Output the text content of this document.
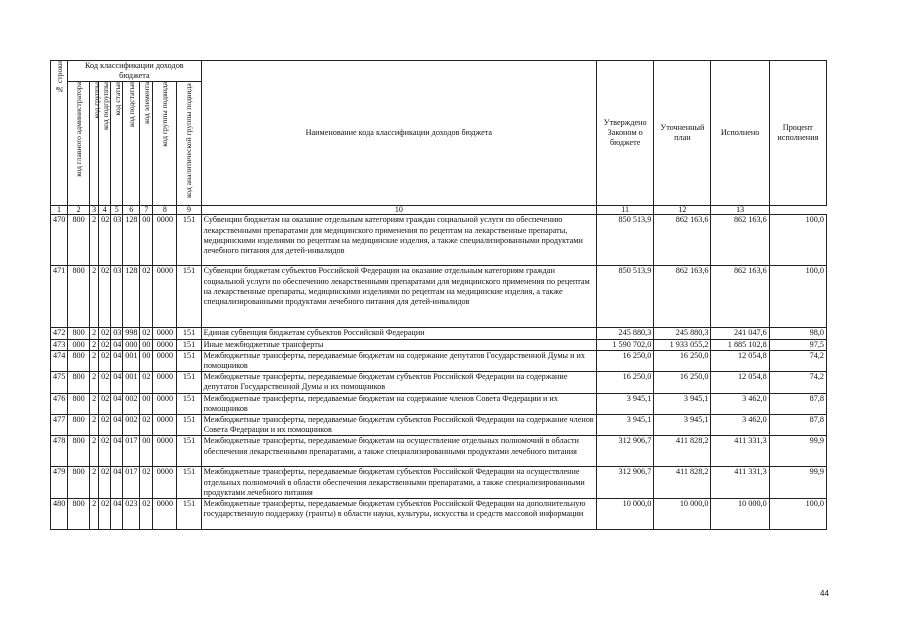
№ строки	Код классификации доходов бюджета								Наименование кода классификации доходов бюджета	Утверждено Законом о бюджете	Уточненный план	Исполнено	Процент исполнения

	код главного администратора	код группы	код подгруппы	код статьи	код подстатьи	код элемента	код группы подвида	код аналитической группы подвида					

1	2	3	4	5	6	7	8	9	10	11	12	13	
470	800	2	02	03	128	00	0000	151	Субвенции бюджетам на оказание отдельным категориям граждан социальной услуги по обеспечению лекарственными препаратами для медицинского применения по рецептам на лекарственные препараты, медицинскими изделиями по рецептам на медицинские изделия, а также специализированными продуктами лечебного питания для детей-инвалидов	850 513,9	862 163,6	862 163,6	100,0
471	800	2	02	03	128	02	0000	151	Субвенции бюджетам субъектов Российской Федерации на оказание отдельным категориям граждан социальной услуги по обеспечению лекарственными препаратами для медицинского применения по рецептам на лекарственные препараты, медицинскими изделиями по рецептам на медицинские изделия, а также специализированными продуктами лечебного питания для детей-инвалидов	850 513,9	862 163,6	862 163,6	100,0
472	800	2	02	03	998	02	0000	151	Единая субвенция бюджетам субъектов Российской Федерации	245 880,3	245 880,3	241 047,6	98,0
473	000	2	02	04	000	00	0000	151	Иные межбюджетные трансферты	1 590 702,0	1 933 055,2	1 885 102,8	97,5
474	800	2	02	04	001	00	0000	151	Межбюджетные трансферты, передаваемые бюджетам на содержание депутатов Государственной Думы и их помощников	16 250,0	16 250,0	12 054,8	74,2
475	800	2	02	04	001	02	0000	151	Межбюджетные трансферты, передаваемые бюджетам субъектов Российской Федерации на содержание депутатов Государственной Думы и их помощников	16 250,0	16 250,0	12 054,8	74,2
476	800	2	02	04	002	00	0000	151	Межбюджетные трансферты, передаваемые бюджетам на содержание членов Совета Федерации и их помощников	3 945,1	3 945,1	3 462,0	87,8
477	800	2	02	04	002	02	0000	151	Межбюджетные трансферты, передаваемые бюджетам субъектов Российской Федерации на содержание членов Совета Федерации и их помощников	3 945,1	3 945,1	3 462,0	87,8
478	800	2	02	04	017	00	0000	151	Межбюджетные трансферты, передаваемые бюджетам на осуществление отдельных полномочий в области обеспечения лекарственными препаратами, а также специализированными продуктами лечебного питания	312 906,7	411 828,2	411 331,3	99,9
479	800	2	02	04	017	02	0000	151	Межбюджетные трансферты, передаваемые бюджетам субъектов Российской Федерации на осуществление отдельных полномочий в области обеспечения лекарственными препаратами, а также специализированными продуктами лечебного питания	312 906,7	411 828,2	411 331,3	99,9
480	800	2	02	04	023	02	0000	151	Межбюджетные трансферты, передаваемые бюджетам субъектов Российской Федерации на дополнительную государственную поддержку (гранты) в области науки, культуры, искусства и средств массовой информации	10 000,0	10 000,0	10 000,0	100,0
44
